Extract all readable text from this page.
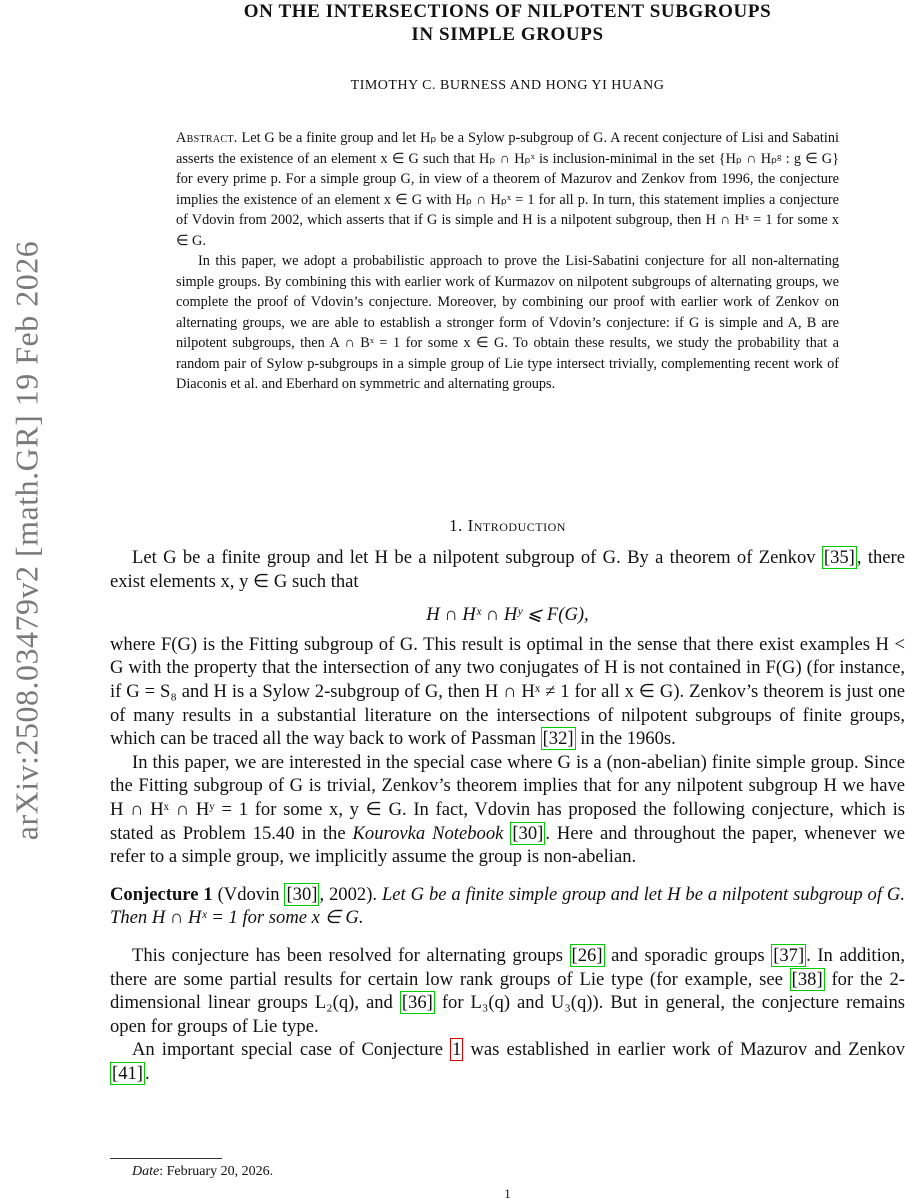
arXiv:2508.03479v2 [math.GR] 19 Feb 2026
ON THE INTERSECTIONS OF NILPOTENT SUBGROUPS
IN SIMPLE GROUPS
TIMOTHY C. BURNESS AND HONG YI HUANG

Abstract. Let G be a finite group and let Hₚ be a Sylow p-subgroup of G. A recent conjecture of Lisi and Sabatini asserts the existence of an element x ∈ G such that Hₚ ∩ Hₚˣ is inclusion-minimal in the set {Hₚ ∩ Hₚᵍ : g ∈ G} for every prime p. For a simple group G, in view of a theorem of Mazurov and Zenkov from 1996, the conjecture implies the existence of an element x ∈ G with Hₚ ∩ Hₚˣ = 1 for all p. In turn, this statement implies a conjecture of Vdovin from 2002, which asserts that if G is simple and H is a nilpotent subgroup, then H ∩ Hˣ = 1 for some x ∈ G.

In this paper, we adopt a probabilistic approach to prove the Lisi-Sabatini conjecture for all non-alternating simple groups. By combining this with earlier work of Kurmazov on nilpotent subgroups of alternating groups, we complete the proof of Vdovin’s conjecture. Moreover, by combining our proof with earlier work of Zenkov on alternating groups, we are able to establish a stronger form of Vdovin’s conjecture: if G is simple and A, B are nilpotent subgroups, then A ∩ Bˣ = 1 for some x ∈ G. To obtain these results, we study the probability that a random pair of Sylow p-subgroups in a simple group of Lie type intersect trivially, complementing recent work of Diaconis et al. and Eberhard on symmetric and alternating groups.

1. Introduction

Let G be a finite group and let H be a nilpotent subgroup of G. By a theorem of Zenkov [35] , there exist elements x, y ∈ G such that

H ∩ Hˣ ∩ Hʸ ⩽ F(G),

where F(G) is the Fitting subgroup of G. This result is optimal in the sense that there exist examples H < G with the property that the intersection of any two conjugates of H is not contained in F(G) (for instance, if G = S₈ and H is a Sylow 2-subgroup of G, then H ∩ Hˣ ≠ 1 for all x ∈ G). Zenkov’s theorem is just one of many results in a substantial literature on the intersections of nilpotent subgroups of finite groups, which can be traced all the way back to work of Passman [32] in the 1960s.

In this paper, we are interested in the special case where G is a (non-abelian) finite simple group. Since the Fitting subgroup of G is trivial, Zenkov’s theorem implies that for any nilpotent subgroup H we have H ∩ Hˣ ∩ Hʸ = 1 for some x, y ∈ G. In fact, Vdovin has proposed the following conjecture, which is stated as Problem 15.40 in the Kourovka Notebook [30] . Here and throughout the paper, whenever we refer to a simple group, we implicitly assume the group is non-abelian.

Conjecture 1 (Vdovin [30] , 2002). Let G be a finite simple group and let H be a nilpotent subgroup of G. Then H ∩ Hˣ = 1 for some x ∈ G.

This conjecture has been resolved for alternating groups [26] and sporadic groups [37] . In addition, there are some partial results for certain low rank groups of Lie type (for example, see [38] for the 2-dimensional linear groups L₂(q), and [36] for L₃(q) and U₃(q)). But in general, the conjecture remains open for groups of Lie type.

An important special case of Conjecture 1 was established in earlier work of Mazurov and Zenkov [41] .

Date: February 20, 2026.
1
